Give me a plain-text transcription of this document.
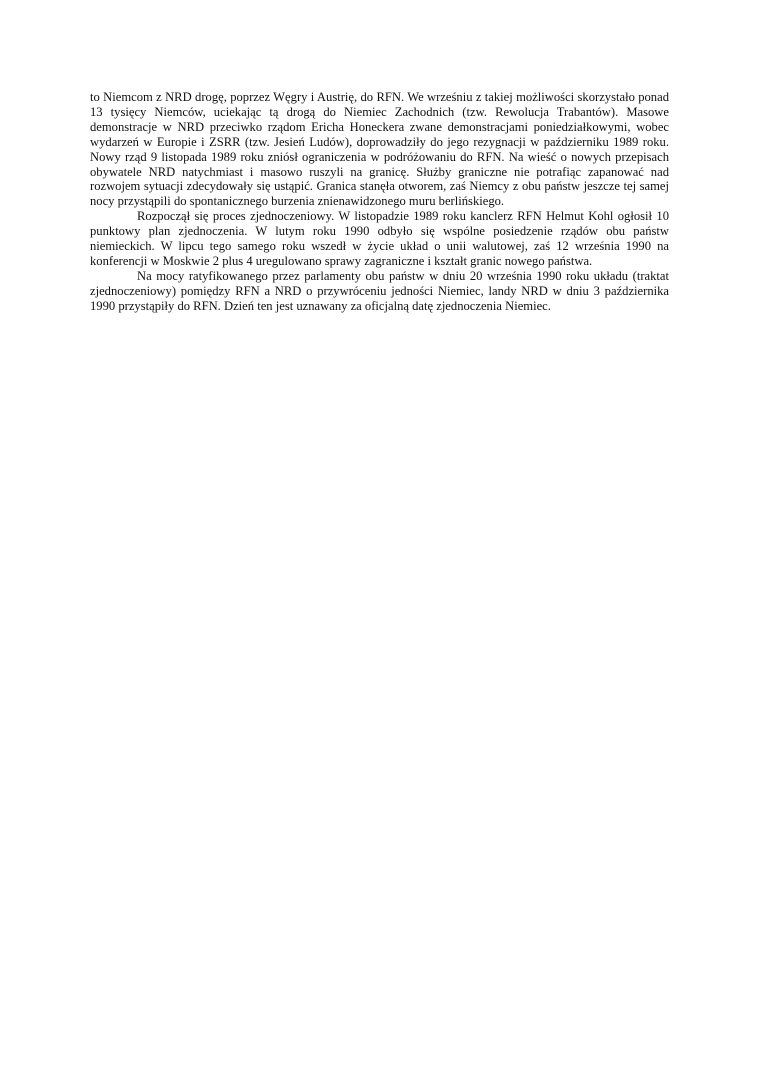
to Niemcom z NRD drogę, poprzez Węgry i Austrię, do RFN. We wrześniu z takiej możliwości skorzystało ponad 13 tysięcy Niemców, uciekając tą drogą do Niemiec Zachodnich (tzw. Rewolucja Trabantów). Masowe demonstracje w NRD przeciwko rządom Ericha Honeckera zwane demonstracjami poniedziałkowymi, wobec wydarzeń w Europie i ZSRR (tzw. Jesień Ludów), doprowadziły do jego rezygnacji w październiku 1989 roku. Nowy rząd 9 listopada 1989 roku zniósł ograniczenia w podróżowaniu do RFN. Na wieść o nowych przepisach obywatele NRD natychmiast i masowo ruszyli na granicę. Służby graniczne nie potrafiąc zapanować nad rozwojem sytuacji zdecydowały się ustąpić. Granica stanęła otworem, zaś Niemcy z obu państw jeszcze tej samej nocy przystąpili do spontanicznego burzenia znienawidzonego muru berlińskiego.

Rozpoczął się proces zjednoczeniowy. W listopadzie 1989 roku kanclerz RFN Helmut Kohl ogłosił 10 punktowy plan zjednoczenia. W lutym roku 1990 odbyło się wspólne posiedzenie rządów obu państw niemieckich. W lipcu tego samego roku wszedł w życie układ o unii walutowej, zaś 12 września 1990 na konferencji w Moskwie 2 plus 4 uregulowano sprawy zagraniczne i kształt granic nowego państwa.

Na mocy ratyfikowanego przez parlamenty obu państw w dniu 20 września 1990 roku układu (traktat zjednoczeniowy) pomiędzy RFN a NRD o przywróceniu jedności Niemiec, landy NRD w dniu 3 października 1990 przystąpiły do RFN. Dzień ten jest uznawany za oficjalną datę zjednoczenia Niemiec.
